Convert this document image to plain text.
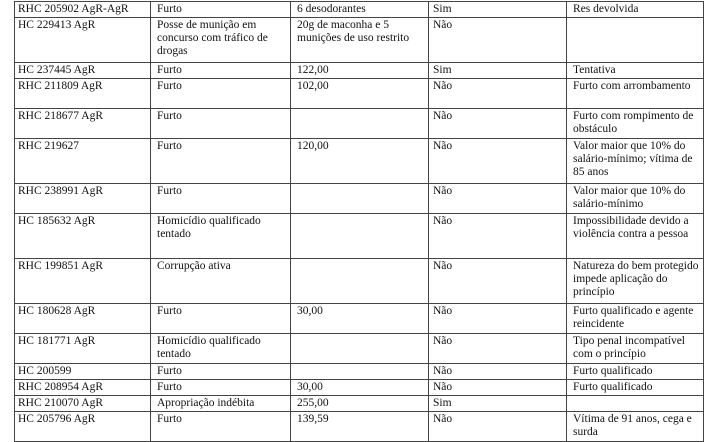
RHC 205902 AgR-AgR	Furto	6 desodorantes	Sim	Res devolvida
HC 229413 AgR	Posse de munição em concurso com tráfico de drogas	20g de maconha e 5 munições de uso restrito	Não	
HC 237445 AgR	Furto	122,00	Sim	Tentativa
RHC 211809 AgR	Furto	102,00	Não	Furto com arrombamento
RHC 218677 AgR	Furto		Não	Furto com rompimento de obstáculo
RHC 219627	Furto	120,00	Não	Valor maior que 10% do salário-mínimo; vítima de 85 anos
RHC 238991 AgR	Furto		Não	Valor maior que 10% do salário-mínimo
HC 185632 AgR	Homicídio qualificado tentado		Não	Impossibilidade devido a violência contra a pessoa
RHC 199851 AgR	Corrupção ativa		Não	Natureza do bem protegido impede aplicação do princípio
HC 180628 AgR	Furto	30,00	Não	Furto qualificado e agente reincidente
HC 181771 AgR	Homicídio qualificado tentado		Não	Tipo penal incompatível com o princípio
HC 200599	Furto		Não	Furto qualificado
RHC 208954 AgR	Furto	30,00	Não	Furto qualificado
RHC 210070 AgR	Apropriação indébita	255,00	Sim	
HC 205796 AgR	Furto	139,59	Não	Vítima de 91 anos, cega e surda
